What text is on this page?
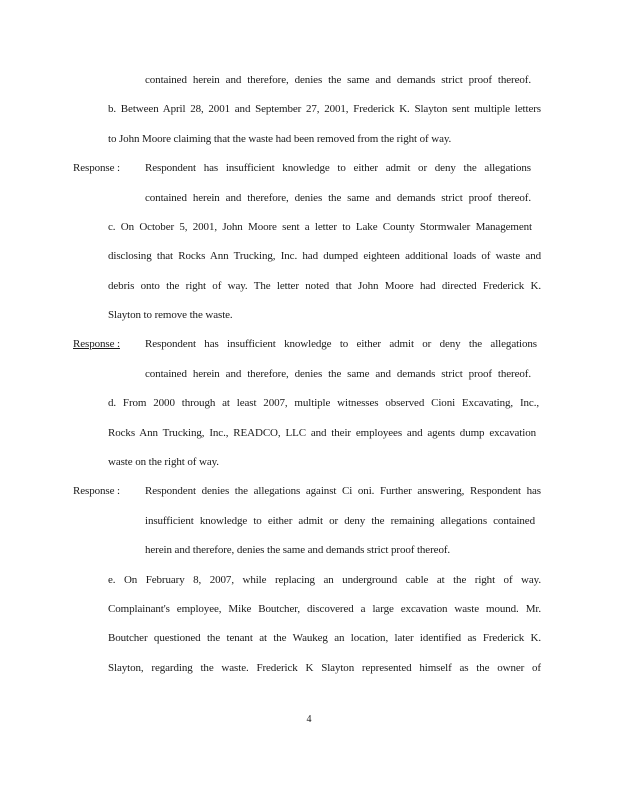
contained herein and therefore, denies the same and demands strict proof thereof.
b. Between April 28, 2001 and September 27, 2001, Frederick K. Slayton sent multiple letters
to John Moore claiming that the waste had been removed from the right of way.
Response : Respondent has insufficient knowledge to either admit or deny the allegations
contained herein and therefore, denies the same and demands strict proof thereof.
c. On October 5, 2001, John Moore sent a letter to Lake County Stormwaler Management
disclosing that Rocks Ann Trucking, Inc. had dumped eighteen additional loads of waste and
debris onto the right of way. The letter noted that John Moore had directed Frederick K.
Slayton to remove the waste.
Response : Respondent has insufficient knowledge to either admit or deny the allegations
contained herein and therefore, denies the same and demands strict proof thereof.
d. From 2000 through at least 2007, multiple witnesses observed Cioni Excavating, Inc.,
Rocks Ann Trucking, Inc., READCO, LLC and their employees and agents dump excavation
waste on the right of way.
Response : Respondent denies the allegations against Ci oni. Further answering, Respondent has
insufficient knowledge to either admit or deny the remaining allegations contained
herein and therefore, denies the same and demands strict proof thereof.
e. On February 8, 2007, while replacing an underground cable at the right of way.
Complainant's employee, Mike Boutcher, discovered a large excavation waste mound. Mr.
Boutcher questioned the tenant at the Waukeg an location, later identified as Frederick K.
Slayton, regarding the waste. Frederick K Slayton represented himself as the owner of
4
